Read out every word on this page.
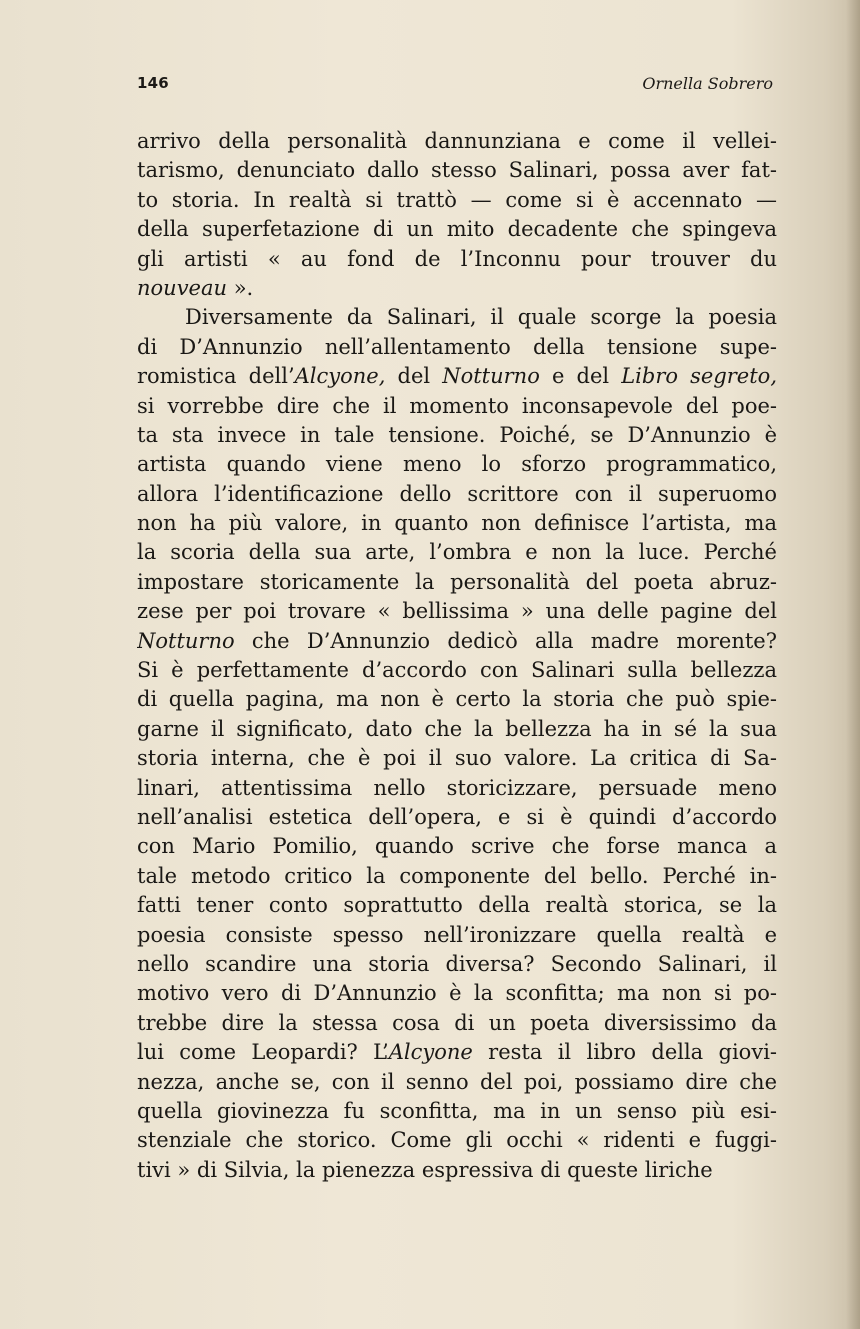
146	Ornella Sobrero
arrivo della personalità dannunziana e come il vellei-
tarismo, denunciato dallo stesso Salinari, possa aver fat-
to storia. In realtà si trattò — come si è accennato —
della superfetazione di un mito decadente che spingeva
gli artisti « au fond de l’Inconnu pour trouver du
nouveau ».
Diversamente da Salinari, il quale scorge la poesia
di D’Annunzio nell’allentamento della tensione supe-
romistica dell’Alcyone, del Notturno e del Libro segreto,
si vorrebbe dire che il momento inconsapevole del poe-
ta sta invece in tale tensione. Poiché, se D’Annunzio è
artista quando viene meno lo sforzo programmatico,
allora l’identificazione dello scrittore con il superuomo
non ha più valore, in quanto non definisce l’artista, ma
la scoria della sua arte, l’ombra e non la luce. Perché
impostare storicamente la personalità del poeta abruz-
zese per poi trovare « bellissima » una delle pagine del
Notturno che D’Annunzio dedicò alla madre morente?
Si è perfettamente d’accordo con Salinari sulla bellezza
di quella pagina, ma non è certo la storia che può spie-
garne il significato, dato che la bellezza ha in sé la sua
storia interna, che è poi il suo valore. La critica di Sa-
linari, attentissima nello storicizzare, persuade meno
nell’analisi estetica dell’opera, e si è quindi d’accordo
con Mario Pomilio, quando scrive che forse manca a
tale metodo critico la componente del bello. Perché in-
fatti tener conto soprattutto della realtà storica, se la
poesia consiste spesso nell’ironizzare quella realtà e
nello scandire una storia diversa? Secondo Salinari, il
motivo vero di D’Annunzio è la sconfitta; ma non si po-
trebbe dire la stessa cosa di un poeta diversissimo da
lui come Leopardi? L’Alcyone resta il libro della giovi-
nezza, anche se, con il senno del poi, possiamo dire che
quella giovinezza fu sconfitta, ma in un senso più esi-
stenziale che storico. Come gli occhi « ridenti e fuggi-
tivi » di Silvia, la pienezza espressiva di queste liriche
